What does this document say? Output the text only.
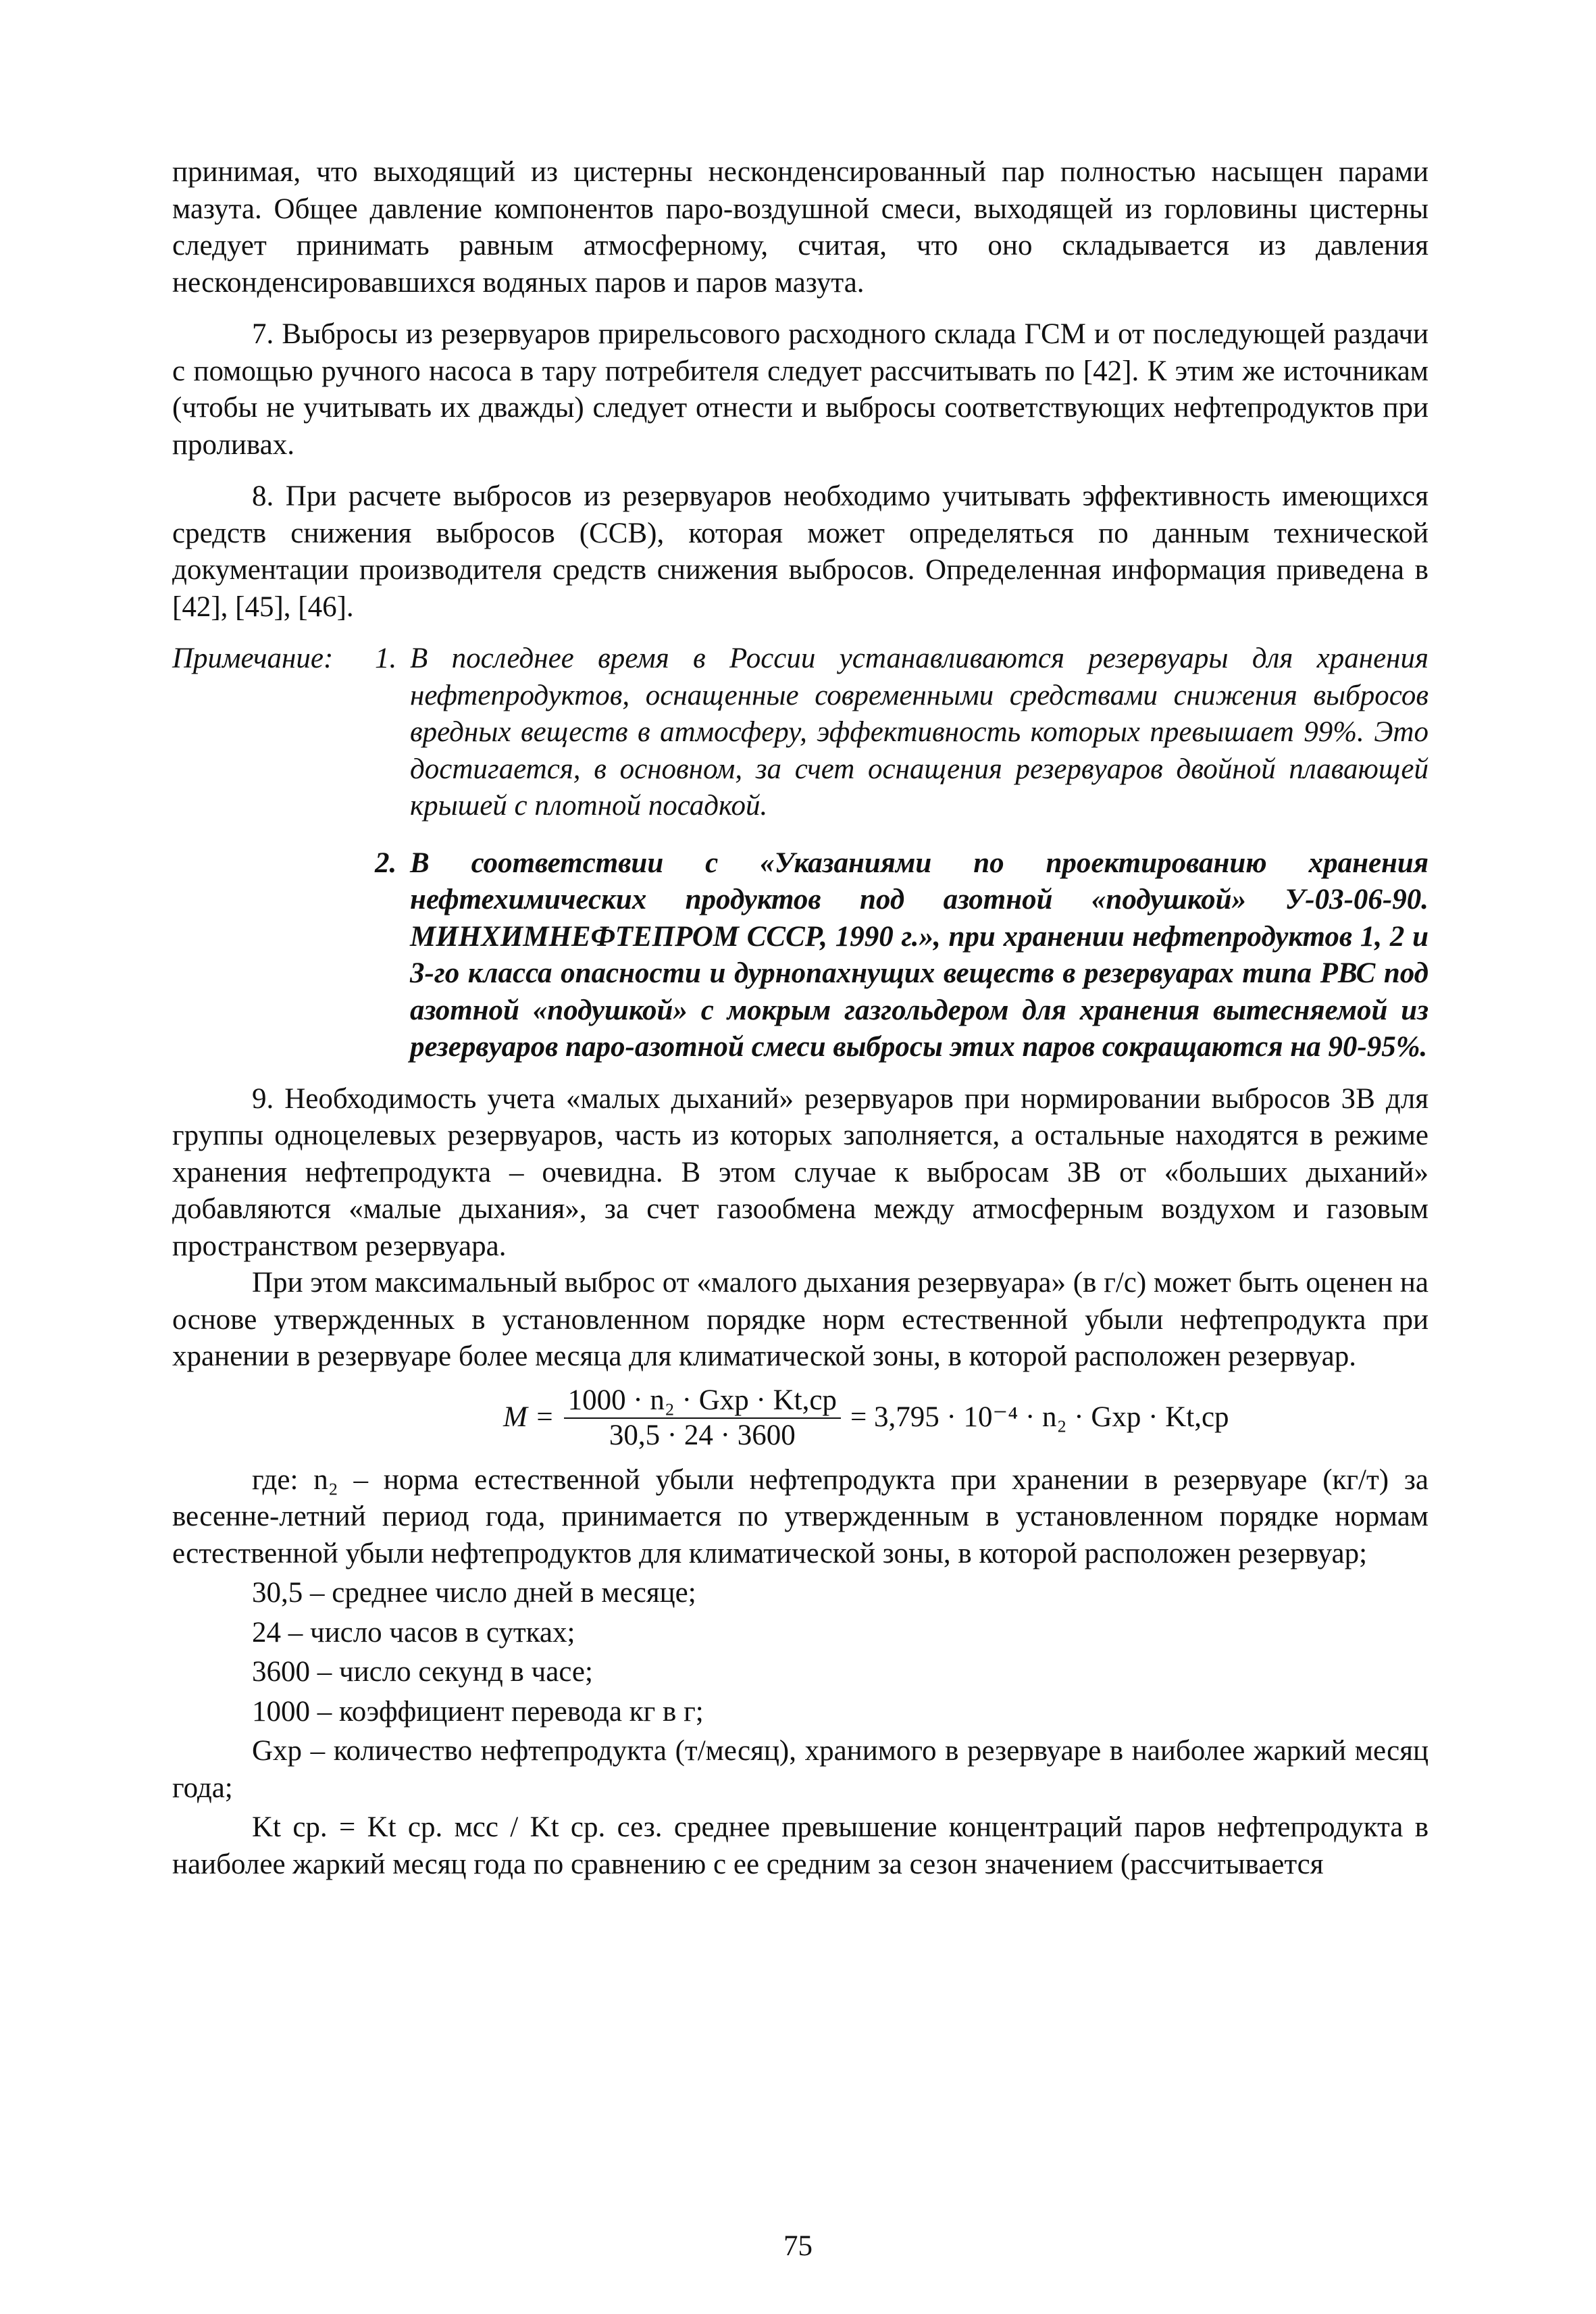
принимая, что выходящий из цистерны несконденсированный пар полностью насыщен парами мазута. Общее давление компонентов паро-воздушной смеси, выходящей из горловины цистерны следует принимать равным атмосферному, считая, что оно складывается из давления несконденсировавшихся водяных паров и паров мазута.

7. Выбросы из резервуаров прирельсового расходного склада ГСМ и от последующей раздачи с помощью ручного насоса в тару потребителя следует рассчитывать по [42]. К этим же источникам (чтобы не учитывать их дважды) следует отнести и выбросы соответствующих нефтепродуктов при проливах.

8. При расчете выбросов из резервуаров необходимо учитывать эффективность имеющихся средств снижения выбросов (ССВ), которая может определяться по данным технической документации производителя средств снижения выбросов. Определенная информация приведена в [42], [45], [46].

Примечание:	1. В последнее время в России устанавливаются резервуары для хранения нефтепродуктов, оснащенные современными средствами снижения выбросов вредных веществ в атмосферу, эффективность которых превышает 99%. Это достигается, в основном, за счет оснащения резервуаров двойной плавающей крышей с плотной посадкой.

2. В соответствии с «Указаниями по проектированию хранения нефтехимических продуктов под азотной «подушкой» У-03-06-90. МИНХИМНЕФТЕПРОМ СССР, 1990 г.», при хранении нефтепродуктов 1, 2 и 3-го класса опасности и дурнопахнущих веществ в резервуарах типа РВС под азотной «подушкой» с мокрым газгольдером для хранения вытесняемой из резервуаров паро-азотной смеси выбросы этих паров сокращаются на 90-95%.

9. Необходимость учета «малых дыханий» резервуаров при нормировании выбросов ЗВ для группы одноцелевых резервуаров, часть из которых заполняется, а остальные находятся в режиме хранения нефтепродукта – очевидна. В этом случае к выбросам ЗВ от «больших дыханий» добавляются «малые дыхания», за счет газообмена между атмосферным воздухом и газовым пространством резервуара.

При этом максимальный выброс от «малого дыхания резервуара» (в г/с) может быть оценен на основе утвержденных в установленном порядке норм естественной убыли нефтепродукта при хранении в резервуаре более месяца для климатической зоны, в которой расположен резервуар.

$M = \frac{\text{1000 · n₂ · Gхр · Kt,ср}}{30,5 \cdot 24 \cdot 3600} = 3,795 \cdot 10^{-4} \cdot n_2$ · Gхр · Kt,ср

где: n₂ – норма естественной убыли нефтепродукта при хранении в резервуаре (кг/т) за весенне-летний период года, принимается по утвержденным в установленном порядке нормам естественной убыли нефтепродуктов для климатической зоны, в которой расположен резервуар;

30,5 – среднее число дней в месяце;
24 – число часов в сутках;
3600 – число секунд в часе;
1000 – коэффициент перевода кг в г;

Gхр – количество нефтепродукта (т/месяц), хранимого в резервуаре в наиболее жаркий месяц года;

Kt ср. = Kt ср. мсс / Kt ср. сез. среднее превышение концентраций паров нефтепродукта в наиболее жаркий месяц года по сравнению с ее средним за сезон значением (рассчитывается

75
